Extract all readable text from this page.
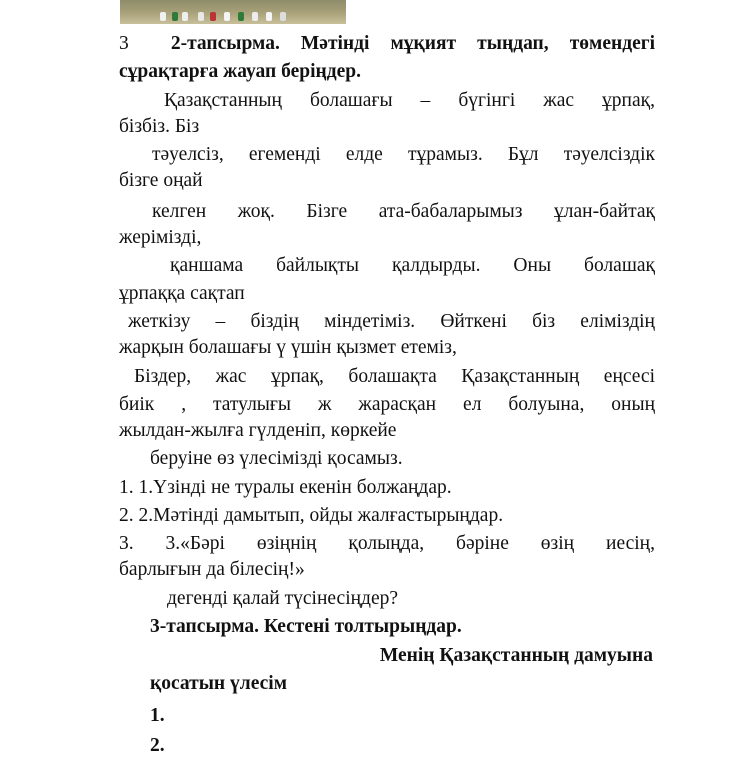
3 2-тапсырма. Мәтінді мұқият тыңдап, төмендегі

сұрақтарға жауап беріңдер.

Қазақстанның болашағы – бүгінгі жас ұрпақ,

бізбіз. Біз

тәуелсіз, егеменді елде тұрамыз. Бұл тәуелсіздік

бізге оңай

келген жоқ. Бізге ата-бабаларымыз ұлан-байтақ

жерімізді,

қаншама байлықты қалдырды. Оны болашақ

ұрпаққа сақтап

жеткізу – біздің міндетіміз. Өйткені біз еліміздің

жарқын болашағы ү үшін қызмет етеміз,

Біздер, жас ұрпақ, болашақта Қазақстанның еңсесі

биік , татулығы ж жарасқан ел болуына, оның

жылдан-жылға гүлденіп, көркейе

беруіне өз үлесімізді қосамыз.

1. 1.Үзінді не туралы екенін болжаңдар.

2. 2.Мәтінді дамытып, ойды жалғастырыңдар.

3. 3.«Бәрі өзіңнің қолыңда, бәріне өзің иесің,

барлығын да білесің!»

дегенді қалай түсінесіңдер?

3-тапсырма. Кестені толтырыңдар.

Менің Қазақстанның дамуына

қосатын үлесім

1.

2.
